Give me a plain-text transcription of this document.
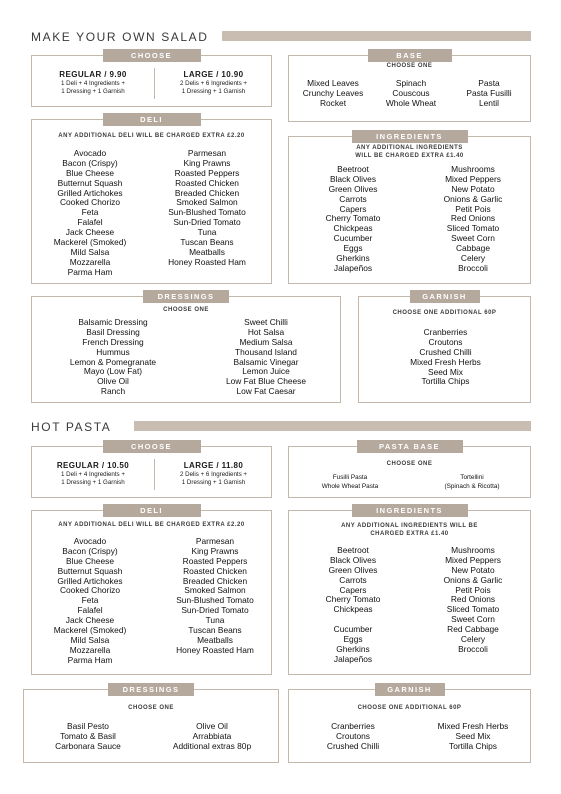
MAKE YOUR OWN SALAD
CHOOSE
REGULAR / 9.90
1 Deli + 4 Ingredients +
1 Dressing + 1 Garnish
LARGE / 10.90
2 Delis + 6 Ingredients +
1 Dressing + 1 Garnish
BASE
CHOOSE ONE
Mixed Leaves
Crunchy Leaves
Rocket
Spinach
Couscous
Whole Wheat
Pasta
Pasta Fusilli
Lentil
DELI
ANY ADDITIONAL DELI WILL BE CHARGED EXTRA £2.20
Avocado
Bacon (Crispy)
Blue Cheese
Butternut Squash
Grilled Artichokes
Cooked Chorizo
Feta
Falafel
Jack Cheese
Mackerel (Smoked)
Mild Salsa
Mozzarella
Parma Ham
Parmesan
King Prawns
Roasted Peppers
Roasted Chicken
Breaded Chicken
Smoked Salmon
Sun-Blushed Tomato
Sun-Dried Tomato
Tuna
Tuscan Beans
Meatballs
Honey Roasted Ham
INGREDIENTS
ANY ADDITIONAL INGREDIENTS
WILL BE CHARGED EXTRA £1.40
Beetroot
Black Olives
Green Olives
Carrots
Capers
Cherry Tomato
Chickpeas
Cucumber
Eggs
Gherkins
Jalapeños
Mushrooms
Mixed Peppers
New Potato
Onions & Garlic
Petit Pois
Red Onions
Sliced Tomato
Sweet Corn
Cabbage
Celery
Broccoli
DRESSINGS
CHOOSE ONE
Balsamic Dressing
Basil Dressing
French Dressing
Hummus
Lemon & Pomegranate
Mayo (Low Fat)
Olive Oil
Ranch
Sweet Chilli
Hot Salsa
Medium Salsa
Thousand Island
Balsamic Vinegar
Lemon Juice
Low Fat Blue Cheese
Low Fat Caesar
GARNISH
CHOOSE ONE ADDITIONAL 60P
Cranberries
Croutons
Crushed Chilli
Mixed Fresh Herbs
Seed Mix
Tortilla Chips
HOT PASTA
CHOOSE
REGULAR / 10.50
1 Deli + 4 Ingredients +
1 Dressing + 1 Garnish
LARGE / 11.80
2 Delis + 6 Ingredients +
1 Dressing + 1 Garnish
PASTA BASE
CHOOSE ONE
Fusilli Pasta
Whole Wheat Pasta
Tortellini
(Spinach & Ricotta)
DELI
ANY ADDITIONAL DELI WILL BE CHARGED EXTRA £2.20
Avocado
Bacon (Crispy)
Blue Cheese
Butternut Squash
Grilled Artichokes
Cooked Chorizo
Feta
Falafel
Jack Cheese
Mackerel (Smoked)
Mild Salsa
Mozzarella
Parma Ham
Parmesan
King Prawns
Roasted Peppers
Roasted Chicken
Breaded Chicken
Smoked Salmon
Sun-Blushed Tomato
Sun-Dried Tomato
Tuna
Tuscan Beans
Meatballs
Honey Roasted Ham
INGREDIENTS
ANY ADDITIONAL INGREDIENTS WILL BE
CHARGED EXTRA £1.40
Beetroot
Black Olives
Green Olives
Carrots
Capers
Cherry Tomato
Chickpeas
Cucumber
Eggs
Gherkins
Jalapeños
Mushrooms
Mixed Peppers
New Potato
Onions & Garlic
Petit Pois
Red Onions
Sliced Tomato
Sweet Corn
Red Cabbage
Celery
Broccoli
DRESSINGS
CHOOSE ONE
Basil Pesto
Tomato & Basil
Carbonara Sauce
Olive Oil
Arrabbiata
Additional extras 80p
GARNISH
CHOOSE ONE ADDITIONAL 60P
Cranberries
Croutons
Crushed Chilli
Mixed Fresh Herbs
Seed Mix
Tortilla Chips
